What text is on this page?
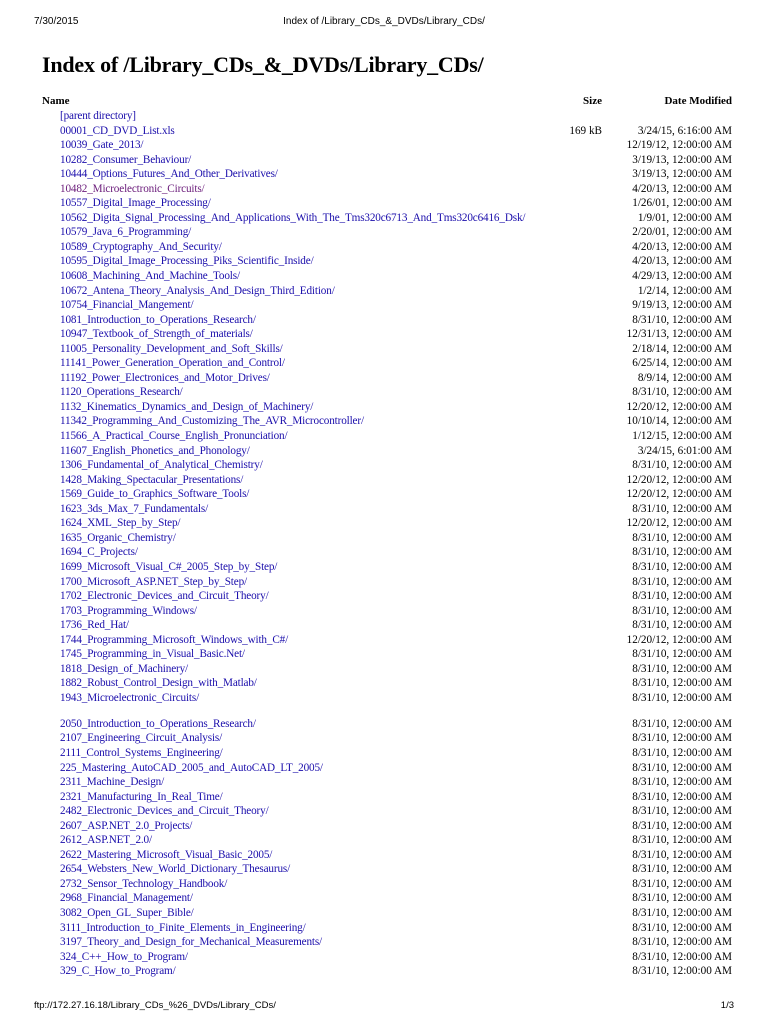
7/30/2015	Index of /Library_CDs_&_DVDs/Library_CDs/
Index of /Library_CDs_&_DVDs/Library_CDs/
Name	Size	Date Modified
[parent directory]
00001_CD_DVD_List.xls	169 kB	3/24/15, 6:16:00 AM
10039_Gate_2013/	12/19/12, 12:00:00 AM
10282_Consumer_Behaviour/	3/19/13, 12:00:00 AM
10444_Options_Futures_And_Other_Derivatives/	3/19/13, 12:00:00 AM
10482_Microelectronic_Circuits/	4/20/13, 12:00:00 AM
10557_Digital_Image_Processing/	1/26/01, 12:00:00 AM
10562_Digita_Signal_Processing_And_Applications_With_The_Tms320c6713_And_Tms320c6416_Dsk/	1/9/01, 12:00:00 AM
10579_Java_6_Programming/	2/20/01, 12:00:00 AM
10589_Cryptography_And_Security/	4/20/13, 12:00:00 AM
10595_Digital_Image_Processing_Piks_Scientific_Inside/	4/20/13, 12:00:00 AM
10608_Machining_And_Machine_Tools/	4/29/13, 12:00:00 AM
10672_Antena_Theory_Analysis_And_Design_Third_Edition/	1/2/14, 12:00:00 AM
10754_Financial_Mangement/	9/19/13, 12:00:00 AM
1081_Introduction_to_Operations_Research/	8/31/10, 12:00:00 AM
10947_Textbook_of_Strength_of_materials/	12/31/13, 12:00:00 AM
11005_Personality_Development_and_Soft_Skills/	2/18/14, 12:00:00 AM
11141_Power_Generation_Operation_and_Control/	6/25/14, 12:00:00 AM
11192_Power_Electronices_and_Motor_Drives/	8/9/14, 12:00:00 AM
1120_Operations_Research/	8/31/10, 12:00:00 AM
1132_Kinematics_Dynamics_and_Design_of_Machinery/	12/20/12, 12:00:00 AM
11342_Programming_And_Customizing_The_AVR_Microcontroller/	10/10/14, 12:00:00 AM
11566_A_Practical_Course_English_Pronunciation/	1/12/15, 12:00:00 AM
11607_English_Phonetics_and_Phonology/	3/24/15, 6:01:00 AM
1306_Fundamental_of_Analytical_Chemistry/	8/31/10, 12:00:00 AM
1428_Making_Spectacular_Presentations/	12/20/12, 12:00:00 AM
1569_Guide_to_Graphics_Software_Tools/	12/20/12, 12:00:00 AM
1623_3ds_Max_7_Fundamentals/	8/31/10, 12:00:00 AM
1624_XML_Step_by_Step/	12/20/12, 12:00:00 AM
1635_Organic_Chemistry/	8/31/10, 12:00:00 AM
1694_C_Projects/	8/31/10, 12:00:00 AM
1699_Microsoft_Visual_C#_2005_Step_by_Step/	8/31/10, 12:00:00 AM
1700_Microsoft_ASP.NET_Step_by_Step/	8/31/10, 12:00:00 AM
1702_Electronic_Devices_and_Circuit_Theory/	8/31/10, 12:00:00 AM
1703_Programming_Windows/	8/31/10, 12:00:00 AM
1736_Red_Hat/	8/31/10, 12:00:00 AM
1744_Programming_Microsoft_Windows_with_C#/	12/20/12, 12:00:00 AM
1745_Programming_in_Visual_Basic.Net/	8/31/10, 12:00:00 AM
1818_Design_of_Machinery/	8/31/10, 12:00:00 AM
1882_Robust_Control_Design_with_Matlab/	8/31/10, 12:00:00 AM
1943_Microelectronic_Circuits/	8/31/10, 12:00:00 AM
2050_Introduction_to_Operations_Research/	8/31/10, 12:00:00 AM
2107_Engineering_Circuit_Analysis/	8/31/10, 12:00:00 AM
2111_Control_Systems_Engineering/	8/31/10, 12:00:00 AM
225_Mastering_AutoCAD_2005_and_AutoCAD_LT_2005/	8/31/10, 12:00:00 AM
2311_Machine_Design/	8/31/10, 12:00:00 AM
2321_Manufacturing_In_Real_Time/	8/31/10, 12:00:00 AM
2482_Electronic_Devices_and_Circuit_Theory/	8/31/10, 12:00:00 AM
2607_ASP.NET_2.0_Projects/	8/31/10, 12:00:00 AM
2612_ASP.NET_2.0/	8/31/10, 12:00:00 AM
2622_Mastering_Microsoft_Visual_Basic_2005/	8/31/10, 12:00:00 AM
2654_Websters_New_World_Dictionary_Thesaurus/	8/31/10, 12:00:00 AM
2732_Sensor_Technology_Handbook/	8/31/10, 12:00:00 AM
2968_Financial_Management/	8/31/10, 12:00:00 AM
3082_Open_GL_Super_Bible/	8/31/10, 12:00:00 AM
3111_Introduction_to_Finite_Elements_in_Engineering/	8/31/10, 12:00:00 AM
3197_Theory_and_Design_for_Mechanical_Measurements/	8/31/10, 12:00:00 AM
324_C++_How_to_Program/	8/31/10, 12:00:00 AM
329_C_How_to_Program/	8/31/10, 12:00:00 AM
ftp://172.27.16.18/Library_CDs_%26_DVDs/Library_CDs/	1/3
